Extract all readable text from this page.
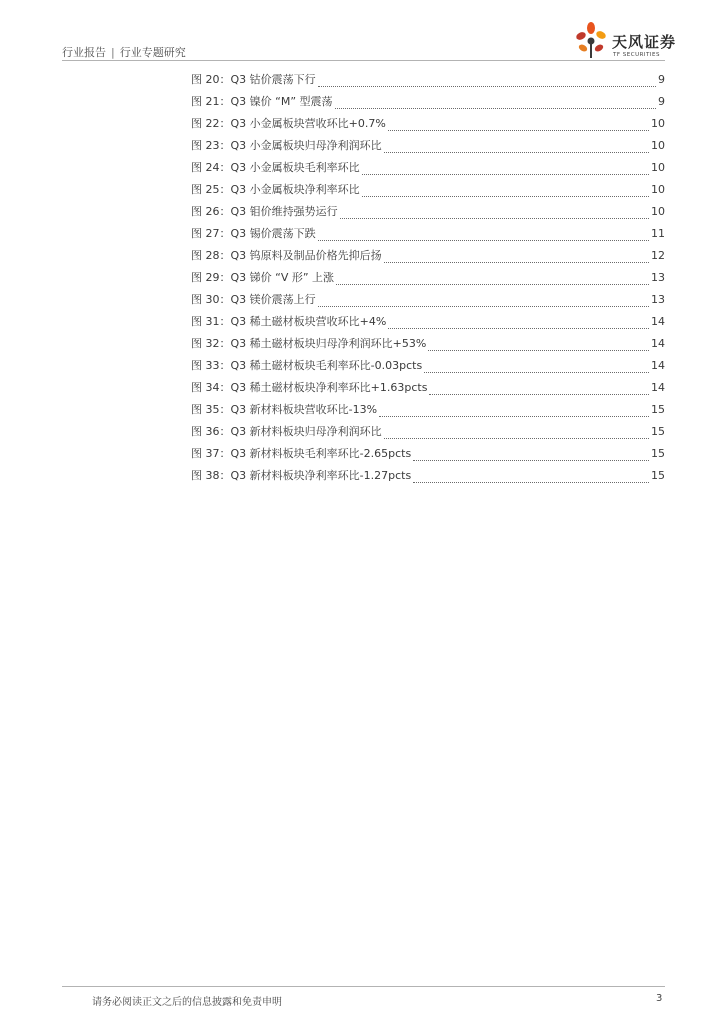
行业报告 | 行业专题研究
天风证券
TF SECURITIES
图 20：Q3 钴价震荡下行	9
图 21：Q3 镍价 “M” 型震荡	9
图 22：Q3 小金属板块营收环比+0.7%	10
图 23：Q3 小金属板块归母净利润环比	10
图 24：Q3 小金属板块毛利率环比	10
图 25：Q3 小金属板块净利率环比	10
图 26：Q3 钼价维持强势运行	10
图 27：Q3 锡价震荡下跌	11
图 28：Q3 钨原料及制品价格先抑后扬	12
图 29：Q3 锑价 “V 形” 上涨	13
图 30：Q3 镁价震荡上行	13
图 31：Q3 稀土磁材板块营收环比+4%	14
图 32：Q3 稀土磁材板块归母净利润环比+53%	14
图 33：Q3 稀土磁材板块毛利率环比-0.03pcts	14
图 34：Q3 稀土磁材板块净利率环比+1.63pcts	14
图 35：Q3 新材料板块营收环比-13%	15
图 36：Q3 新材料板块归母净利润环比	15
图 37：Q3 新材料板块毛利率环比-2.65pcts	15
图 38：Q3 新材料板块净利率环比-1.27pcts	15
请务必阅读正文之后的信息披露和免责申明	3
